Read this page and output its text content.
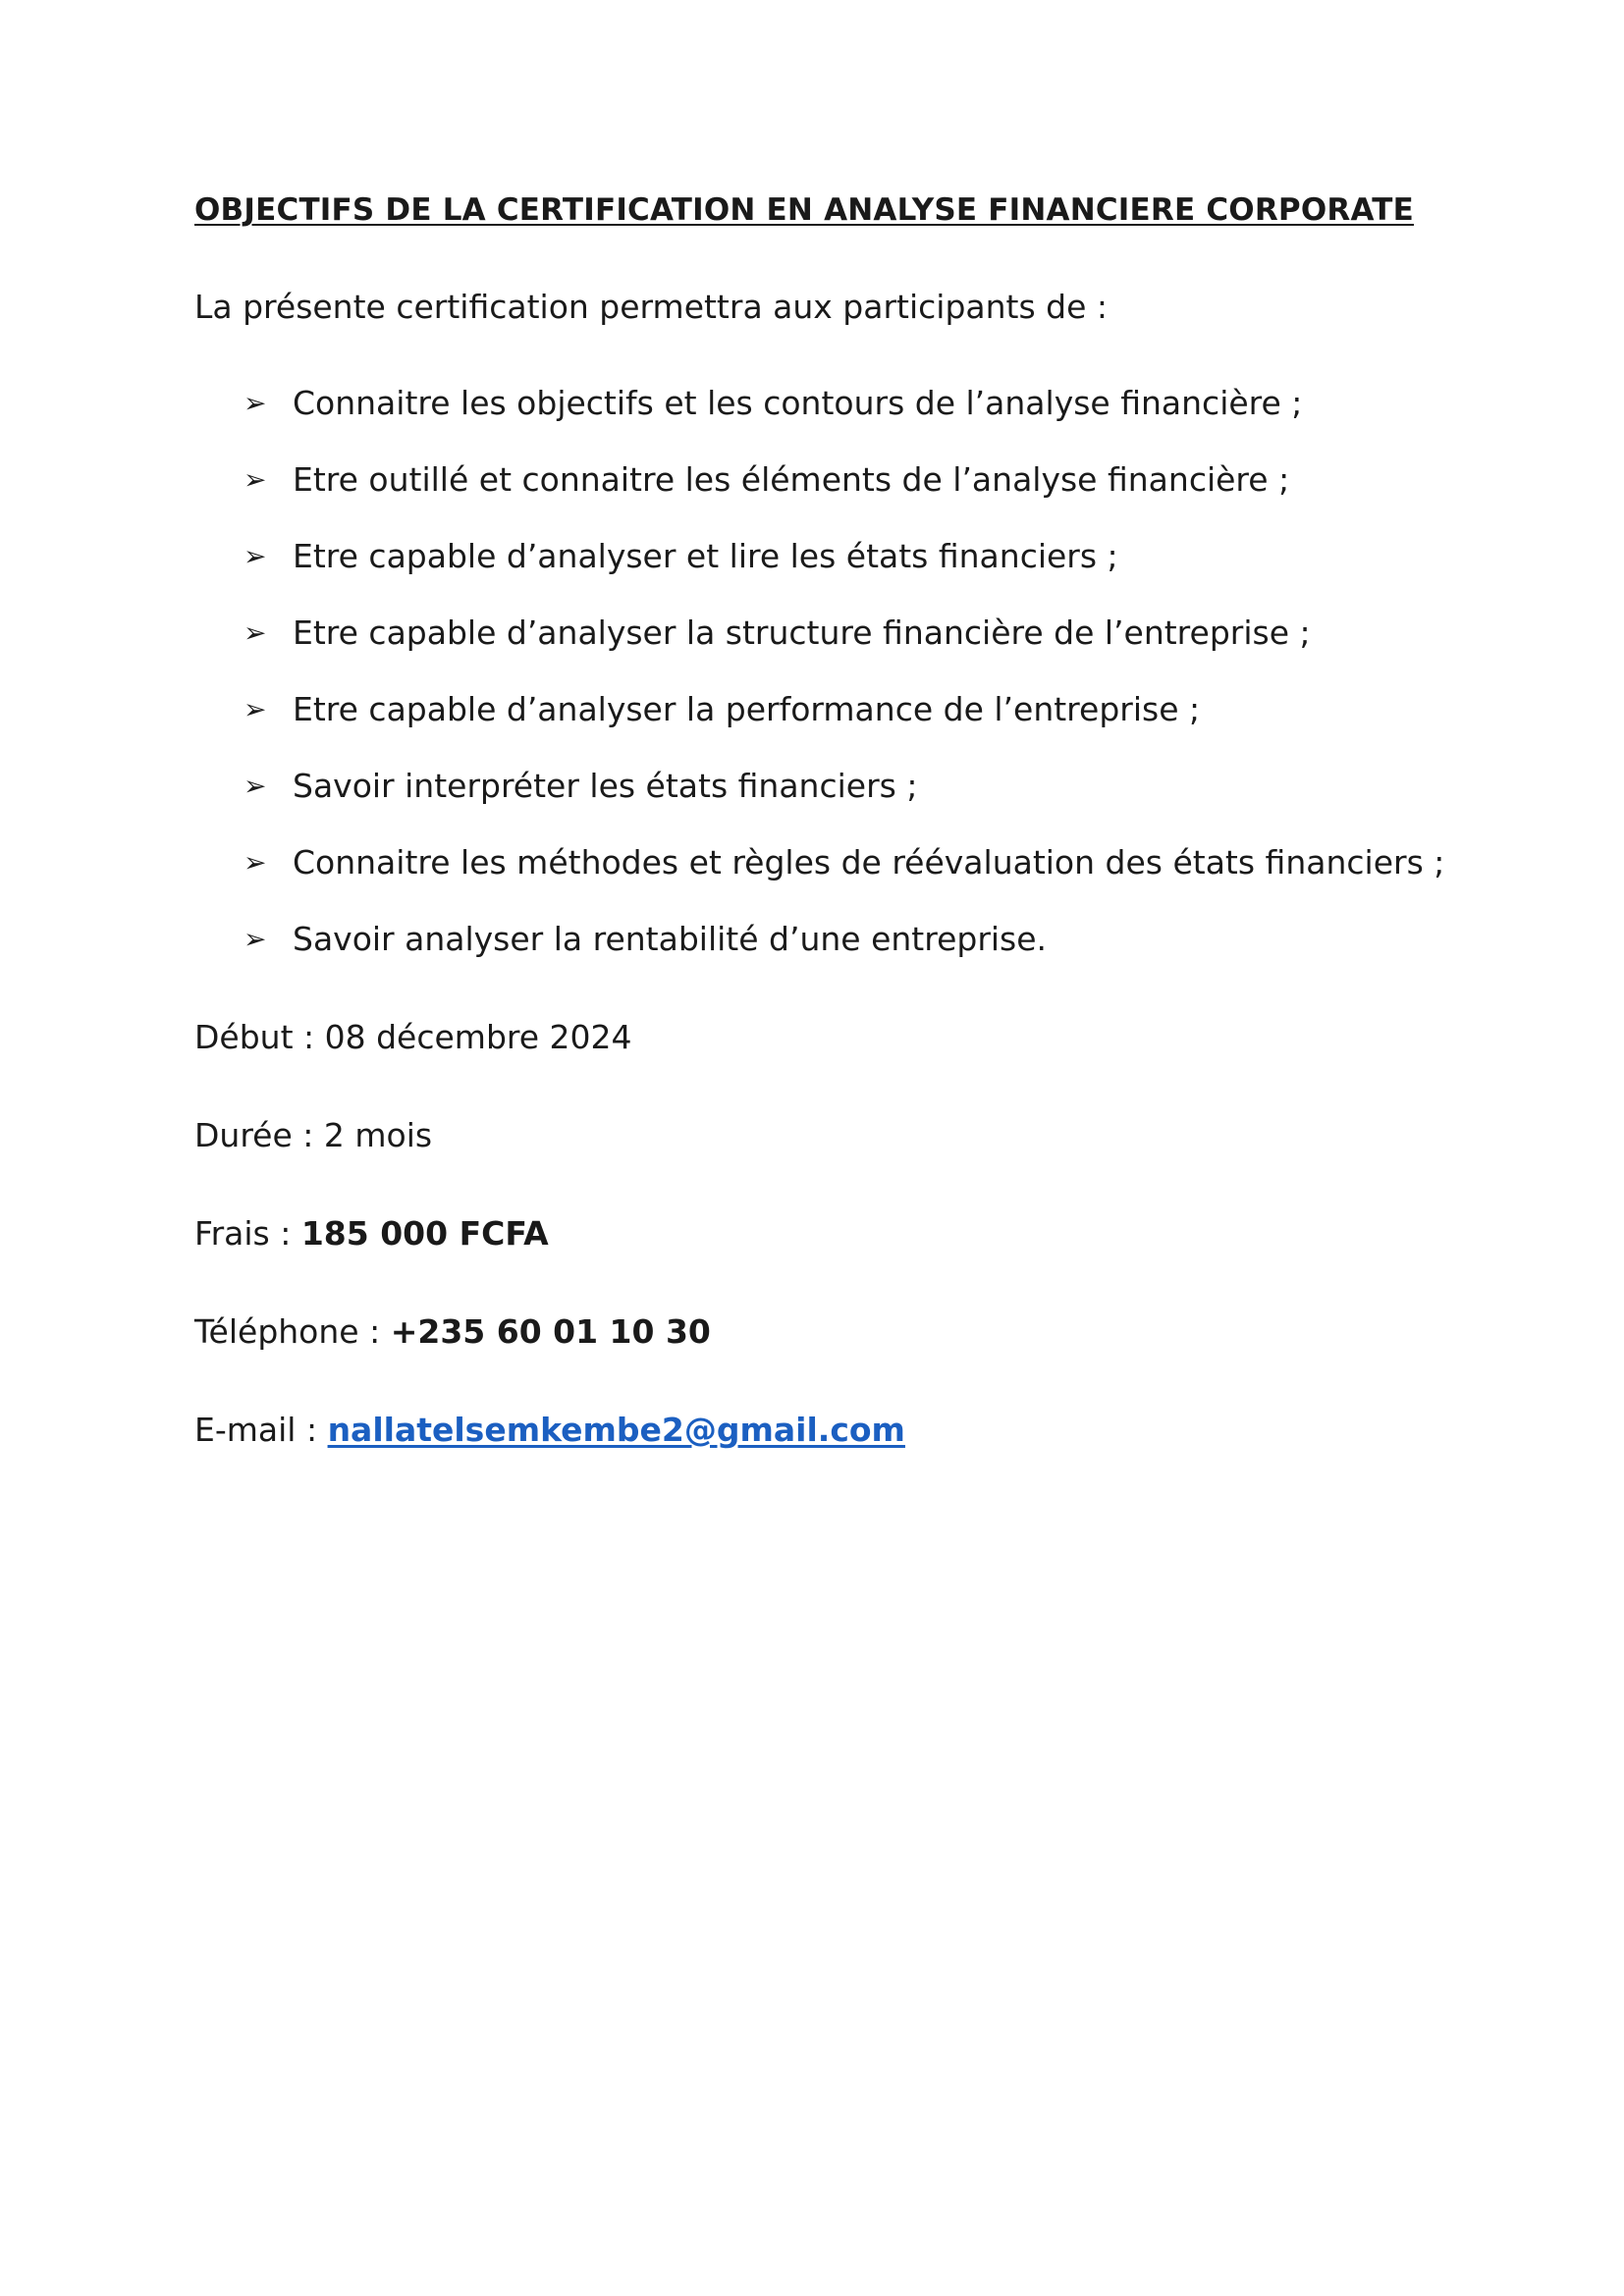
OBJECTIFS DE LA CERTIFICATION EN ANALYSE FINANCIERE CORPORATE

La présente certification permettra aux participants de :

➢ Connaitre les objectifs et les contours de l’analyse financière ;
➢ Etre outillé et connaitre les éléments de l’analyse financière ;
➢ Etre capable d’analyser et lire les états financiers ;
➢ Etre capable d’analyser la structure financière de l’entreprise ;
➢ Etre capable d’analyser la performance de l’entreprise ;
➢ Savoir interpréter les états financiers ;
➢ Connaitre les méthodes et règles de réévaluation des états financiers ;
➢ Savoir analyser la rentabilité d’une entreprise.

Début : 08 décembre 2024

Durée : 2 mois

Frais : 185 000 FCFA

Téléphone : +235 60 01 10 30

E-mail : nallatelsemkembe2@gmail.com
